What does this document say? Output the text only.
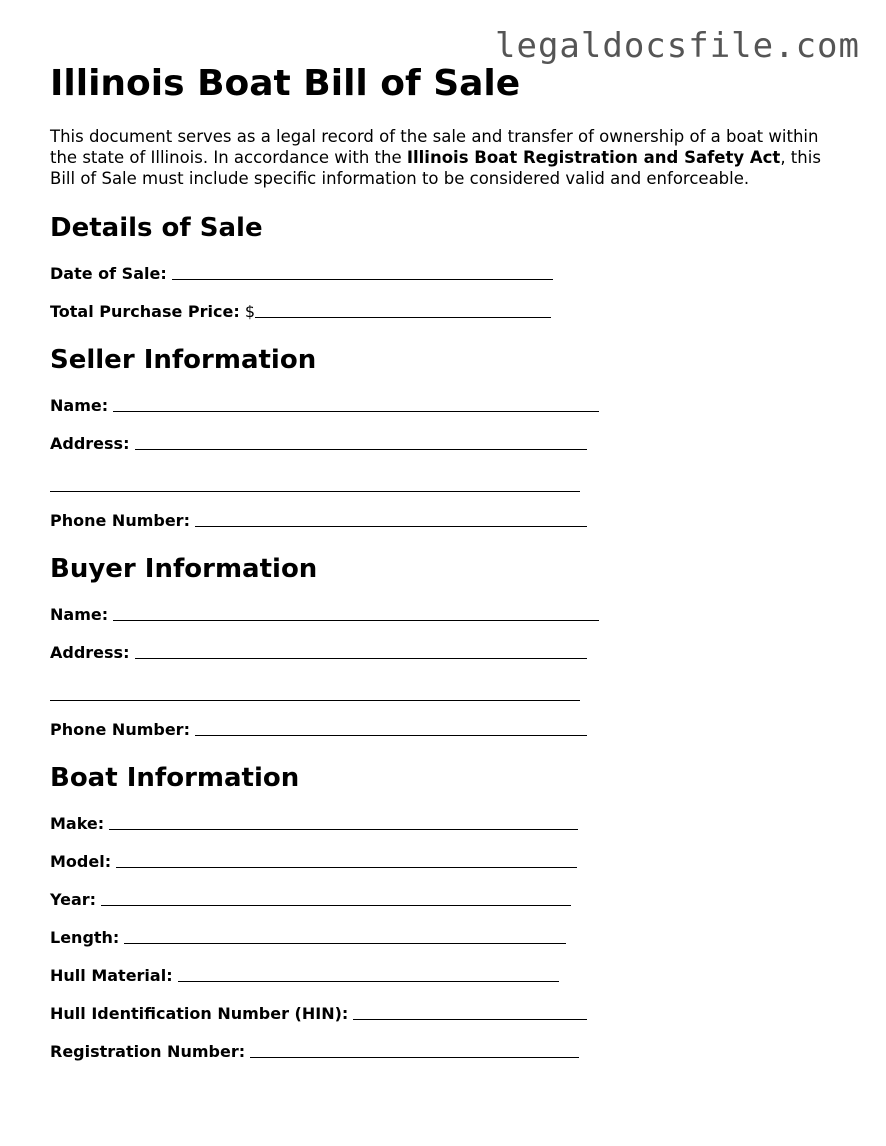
legaldocsfile.com
Illinois Boat Bill of Sale

This document serves as a legal record of the sale and transfer of ownership of a boat within the state of Illinois. In accordance with the Illinois Boat Registration and Safety Act, this Bill of Sale must include specific information to be considered valid and enforceable.

Details of Sale
Date of Sale:

Total Purchase Price:
$
Seller Information
Name:

Address:

Phone Number:

Buyer Information
Name:

Address:

Phone Number:

Boat Information
Make:

Model:

Year:

Length:

Hull Material:

Hull Identification Number (HIN):

Registration Number:
